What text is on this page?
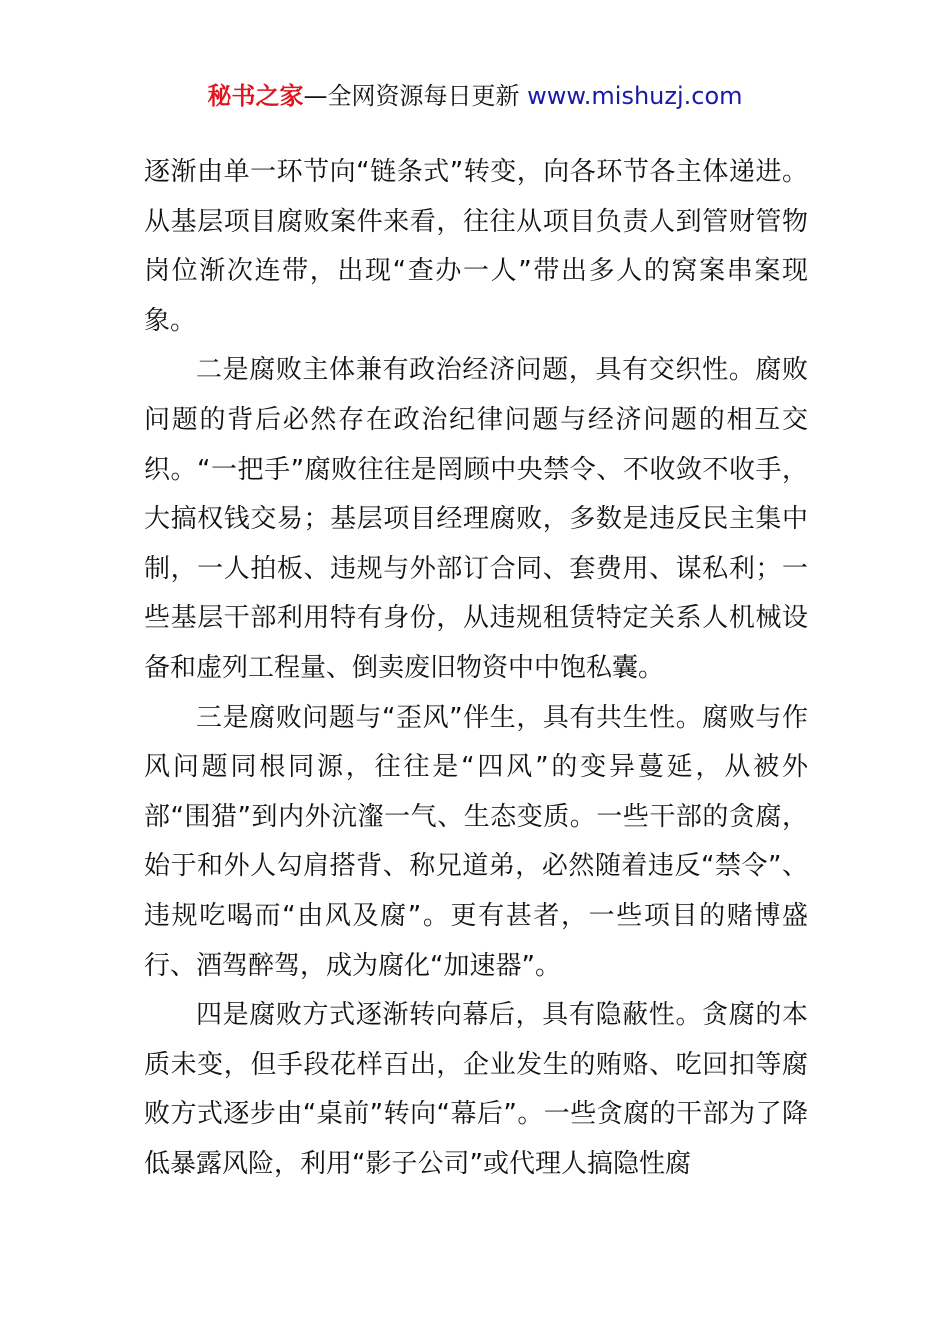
秘书之家—全网资源每日更新 www.mishuzj.com

逐渐由单一环节向“链条式”转变，向各环节各主体递进。从基层项目腐败案件来看，往往从项目负责人到管财管物岗位渐次连带，出现“查办一人”带出多人的窝案串案现象。

二是腐败主体兼有政治经济问题，具有交织性。腐败问题的背后必然存在政治纪律问题与经济问题的相互交织。“一把手”腐败往往是罔顾中央禁令、不收敛不收手，大搞权钱交易；基层项目经理腐败，多数是违反民主集中制，一人拍板、违规与外部订合同、套费用、谋私利；一些基层干部利用特有身份，从违规租赁特定关系人机械设备和虚列工程量、倒卖废旧物资中中饱私囊。

三是腐败问题与“歪风”伴生，具有共生性。腐败与作风问题同根同源，往往是“四风”的变异蔓延，从被外部“围猎”到内外沆瀣一气、生态变质。一些干部的贪腐，始于和外人勾肩搭背、称兄道弟，必然随着违反“禁令”、违规吃喝而“由风及腐”。更有甚者，一些项目的赌博盛行、酒驾醉驾，成为腐化“加速器”。

四是腐败方式逐渐转向幕后，具有隐蔽性。贪腐的本质未变，但手段花样百出，企业发生的贿赂、吃回扣等腐败方式逐步由“桌前”转向“幕后”。一些贪腐的干部为了降低暴露风险，利用“影子公司”或代理人搞隐性腐
